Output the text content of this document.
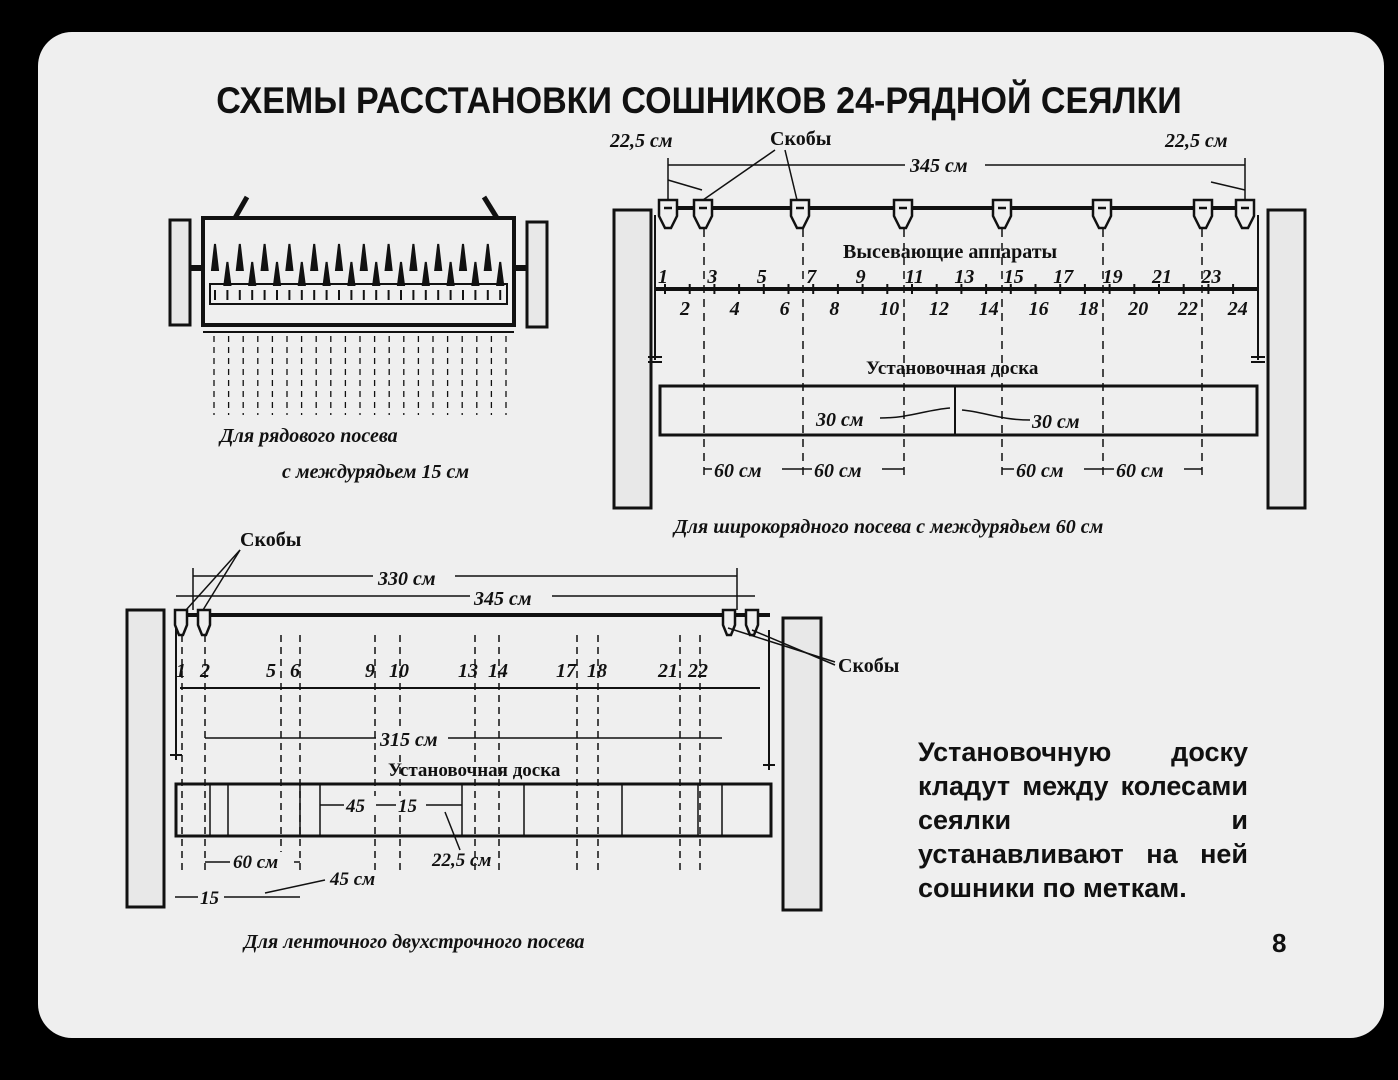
СХЕМЫ РАССТАНОВКИ СОШНИКОВ 24-РЯДНОЙ СЕЯЛКИ
Для рядового посева
с междурядьем 15 см
22,5 см	22,5 см
Скобы
345 см
Высевающие аппараты
1 3 5 7 9 11 13 15 17 19 21 23
2 4 6 8 10 12 14 16 18 20 22 24
Установочная доска
30 см	30 см
60 см	60 см	60 см	60 см
Для широкорядного посева с междурядьем 60 см
Скобы
Скобы
330 см
345 см
1 2	5 6	9 10 13 14 17 18	21 22
315 см
Установочная доска
45 15
22,5 см
60 см
45 см
15
Для ленточного двухстрочного посева
Установочную доску кладут между колесами сеялки и устанавливают на ней сошники по меткам.
8
